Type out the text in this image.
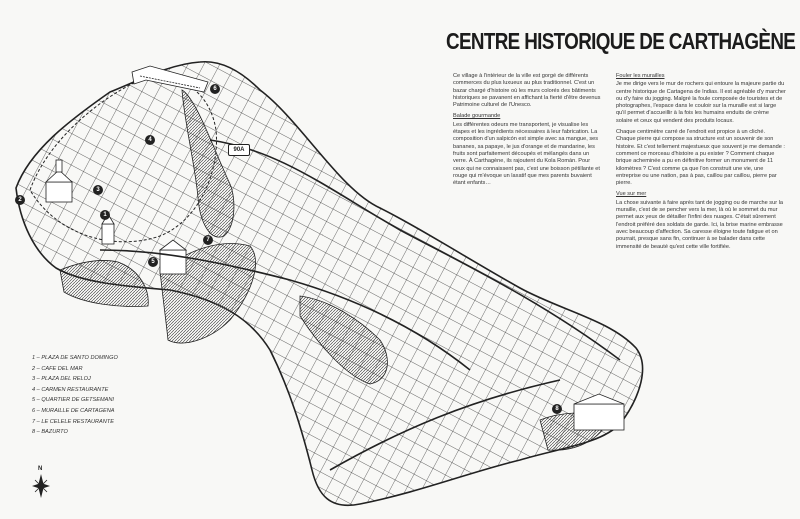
1
2
3
4
5
6
7
8
90A
CENTRE HISTORIQUE DE CARTHAGÈNE

Ce village à l'intérieur de la ville est gorgé de différents commerces du plus luxueux au plus traditionnel. C'est un bazar chargé d'histoire où les murs colorés des bâtiments historiques se pavanent en affichant la fierté d'être devenus Patrimoine culturel de l'Unesco.

Balade gourmande

Les différentes odeurs me transportent, je visualise les étapes et les ingrédients nécessaires à leur fabrication. La composition d'un salpicón est simple avec sa mangue, ses bananes, sa papaye, le jus d'orange et de mandarine, les fruits sont parfaitement découpés et mélangés dans un verre. À Carthagène, ils rajoutent du Kola Román. Pour ceux qui ne connaissent pas, c'est une boisson pétillante et rouge qui m'évoque un laxatif que mes parents buvaient étant enfants…

Fouler les murailles

Je me dirige vers le mur de rochers qui entoure la majeure partie du centre historique de Cartagena de Indias. Il est agréable d'y marcher ou d'y faire du jogging. Malgré la foule composée de touristes et de photographes, l'espace dans le couloir sur la muraille est si large qu'il permet d'accueillir à la fois les humains enduits de crème solaire et ceux qui vendent des produits locaux.

Chaque centimètre carré de l'endroit est propice à un cliché. Chaque pierre qui compose sa structure est un souvenir de son histoire. Et c'est tellement majestueux que souvent je me demande : comment ce morceau d'histoire a pu exister ? Comment chaque brique acheminée a pu en définitive former un monument de 11 kilomètres ? C'est comme ça que l'on construit une vie, une entreprise ou une nation, pas à pas, caillou par caillou, pierre par pierre.

Vue sur mer

La chose suivante à faire après tant de jogging ou de marche sur la muraille, c'est de se pencher vers la mer, là où le sommet du mur permet aux yeux de détailler l'infini des nuages. C'était sûrement l'endroit préféré des soldats de garde. Ici, la brise marine embrasse avec beaucoup d'affection. Sa caresse éloigne toute fatigue et on pourrait, presque sans fin, continuer à se balader dans cette immensité de beauté qu'est cette ville fortifiée.

1 – PLAZA DE SANTO DOMINGO
2 – CAFE DEL MAR
3 – PLAZA DEL RELOJ
4 – CARMEN RESTAURANTE
5 – QUARTIER DE GETSEMANI
6 – MURAILLE DE CARTAGENA
7 – LE CELELE RESTAURANTE
8 – BAZURTO
N
